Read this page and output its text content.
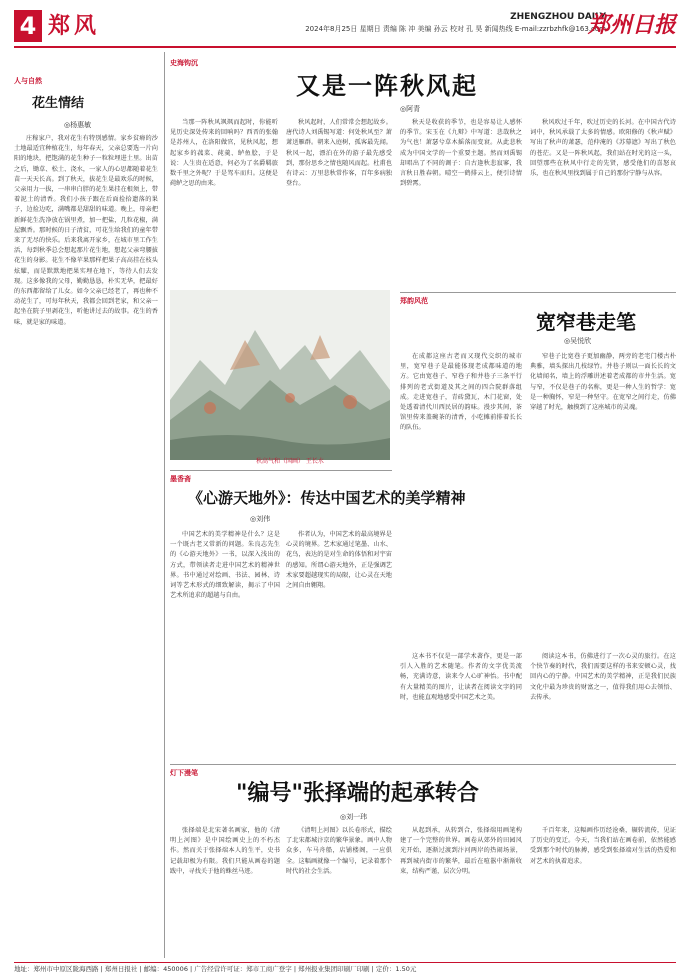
4 郑风	ZHENGZHOU DAILY
2024年8月25日 星期日 责编 陈 冲 美编 孙云 校对 孔 昊 新闻热线 E-mail:zzrbzhfk@163.com
郑州日报
人与自然
花生情结
◎杨惠敏
庄稼家户，我对花生有特别感情。家乡贫瘠的沙土地最适宜种植花生，每年春天，父亲总要选一片向阳的地块，把饱满的花生种子一粒粒埋进土里。出苗之后，锄草、松土、浇水，一家人的心思都随着花生苗一天天长高。到了秋天，拔花生是最欢乐的时候，父亲用力一拔，一串串白胖的花生果挂在根须上，带着泥土的清香。我们小孩子跟在后面捡拾遗落的果子，边捡边吃，满嘴都是甜甜的味道。晚上，母亲把新鲜花生洗净放在锅里煮，加一把盐，几粒花椒，满屋飘香。那时候的日子清贫，可花生给我们的童年带来了无尽的快乐。后来我离开家乡，在城市里工作生活，每到秋季总会想起那片花生地，想起父亲弯腰拔花生的身影。花生不像苹果那样把果子高高挂在枝头炫耀，而是默默地把果实埋在地下，等待人们去发现。这多像我的父母，勤勤恳恳，朴实无华，把最好的东西都留给了儿女。如今父亲已经老了，再也种不动花生了，可每年秋天，我都会回到老家，和父亲一起坐在院子里剥花生，听他讲过去的故事。花生的香味，就是家的味道。
史海钩沉
又是一阵秋风起
◎阿青
当那一阵秋风飒飒而起时，你能听见历史深处传来的回响吗？西晋的张翰是苏州人，在洛阳做官，见秋风起，想起家乡的菰菜、莼羹、鲈鱼脍，于是说：人生贵在适意，何必为了名爵羁旅数千里之外呢？于是驾车而归。这便是莼鲈之思的由来。
秋风起时，人们常常会想起故乡。唐代诗人刘禹锡写道：何处秋风至？萧萧送雁群。朝来入庭树，孤客最先闻。秋风一起，漂泊在外的游子最先感受到，那份思乡之情也随风而起。杜甫也有诗云：万里悲秋常作客，百年多病独登台。
秋天是收获的季节，也是容易让人感怀的季节。宋玉在《九辩》中写道：悲哉秋之为气也！萧瑟兮草木摇落而变衰。从此悲秋成为中国文学的一个重要主题。然而刘禹锡却唱出了不同的调子：自古逢秋悲寂寥，我言秋日胜春朝。晴空一鹤排云上，便引诗情到碧霄。
秋风吹过千年，吹过历史的长河。在中国古代诗词中，秋风承载了太多的情感。欧阳修的《秋声赋》写出了秋声的萧瑟，范仲淹的《苏幕遮》写出了秋色的苍茫。又是一阵秋风起，我们站在时光的这一头，回望那些在秋风中行走的先贤，感受他们的喜怒哀乐，也在秋风里找到属于自己的那份宁静与从容。
秋高气和（国画） 王长水
郑韵风范
宽窄巷走笔
◎吴悦欣
在成都这座古老而又现代交织的城市里，宽窄巷子是最能体现老成都味道的地方。它由宽巷子、窄巷子和井巷子三条平行排列的老式街道及其之间的四合院群落组成。走进宽巷子，青砖黛瓦，木门花窗，处处透着清代川西民居的韵味。漫步其间，茶馆里传来盖碗茶的清香，小吃摊前排着长长的队伍。
窄巷子比宽巷子更加幽静，两旁的老宅门楼古朴典雅，墙头探出几枝绿竹。井巷子则以一面长长的文化墙闻名，墙上的浮雕讲述着老成都的市井生活。宽与窄，不仅是巷子的名称，更是一种人生的哲学：宽是一种胸怀，窄是一种坚守。在宽窄之间行走，仿佛穿越了时光，触摸到了这座城市的灵魂。
墨香斋
《心游天地外》：传达中国艺术的美学精神
◎刘伟
中国艺术的美学精神是什么？这是一个既古老又常新的问题。朱良志先生的《心游天地外》一书，以深入浅出的方式，带领读者走进中国艺术的精神世界。书中通过对绘画、书法、园林、诗词等艺术形式的细致解读，揭示了中国艺术所追求的超越与自由。
作者认为，中国艺术的最高境界是心灵的境界。艺术家通过笔墨、山水、花鸟，表达的是对生命的体悟和对宇宙的感知。所谓心游天地外，正是强调艺术家要超越现实的局限，让心灵在天地之间自由翱翔。
这本书不仅是一部学术著作，更是一部引人入胜的艺术随笔。作者的文字优美流畅，充满诗意，读来令人心旷神怡。书中配有大量精美的图片，让读者在阅读文字的同时，也能直观地感受中国艺术之美。
阅读这本书，仿佛进行了一次心灵的旅行。在这个快节奏的时代，我们需要这样的书来安顿心灵，找回内心的宁静。中国艺术的美学精神，正是我们民族文化中最为珍贵的财富之一，值得我们用心去领悟、去传承。
灯下漫笔
"编号"张择端的起承转合
◎刘一玮
张择端是北宋著名画家，他的《清明上河图》是中国绘画史上的不朽杰作。然而关于张择端本人的生平，史书记载却极为有限。我们只能从画卷的题跋中，寻找关于他的蛛丝马迹。
《清明上河图》以长卷形式，描绘了北宋都城汴京的繁华景象。画中人物众多，车马舟船，店铺楼阁，一应俱全。这幅画就像一个编号，记录着那个时代的社会生活。
从起到承，从转到合，张择端用画笔构建了一个完整的世界。画卷从郊外的田园风光开始，逐渐过渡到汴河两岸的热闹场景，再到城内街市的繁华，最后在喧嚣中渐渐收束，结构严谨，层次分明。
千百年来，这幅画作历经沧桑，辗转流传，见证了历史的变迁。今天，当我们站在画卷前，依然能感受到那个时代的脉搏，感受到张择端对生活的热爱和对艺术的执着追求。
地址：郑州市中原区陇海西路 | 郑州日报社 | 邮编：450006 | 广告经营许可证：郑市工商广登字 | 郑州报业集团印刷厂印刷 | 定价：1.50元
